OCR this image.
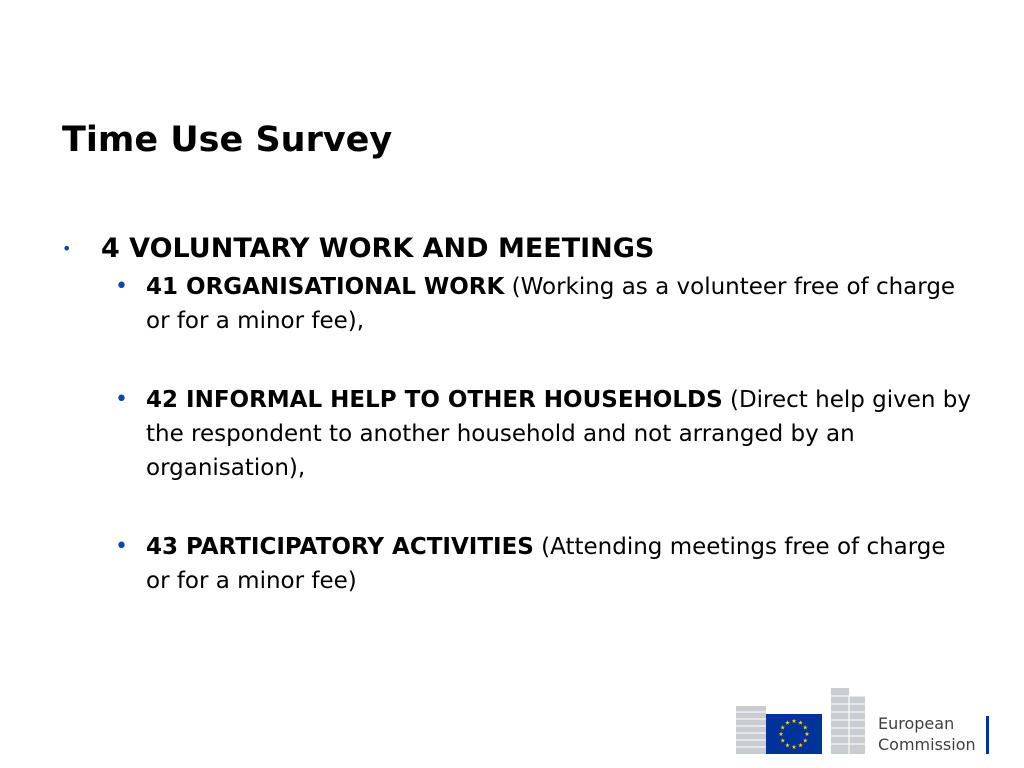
Time Use Survey
• 4 VOLUNTARY WORK AND MEETINGS
• 41 ORGANISATIONAL WORK (Working as a volunteer free of charge or for a minor fee),
• 42 INFORMAL HELP TO OTHER HOUSEHOLDS (Direct help given by the respondent to another household and not arranged by an organisation),
• 43 PARTICIPATORY ACTIVITIES (Attending meetings free of charge or for a minor fee)
European
Commission
